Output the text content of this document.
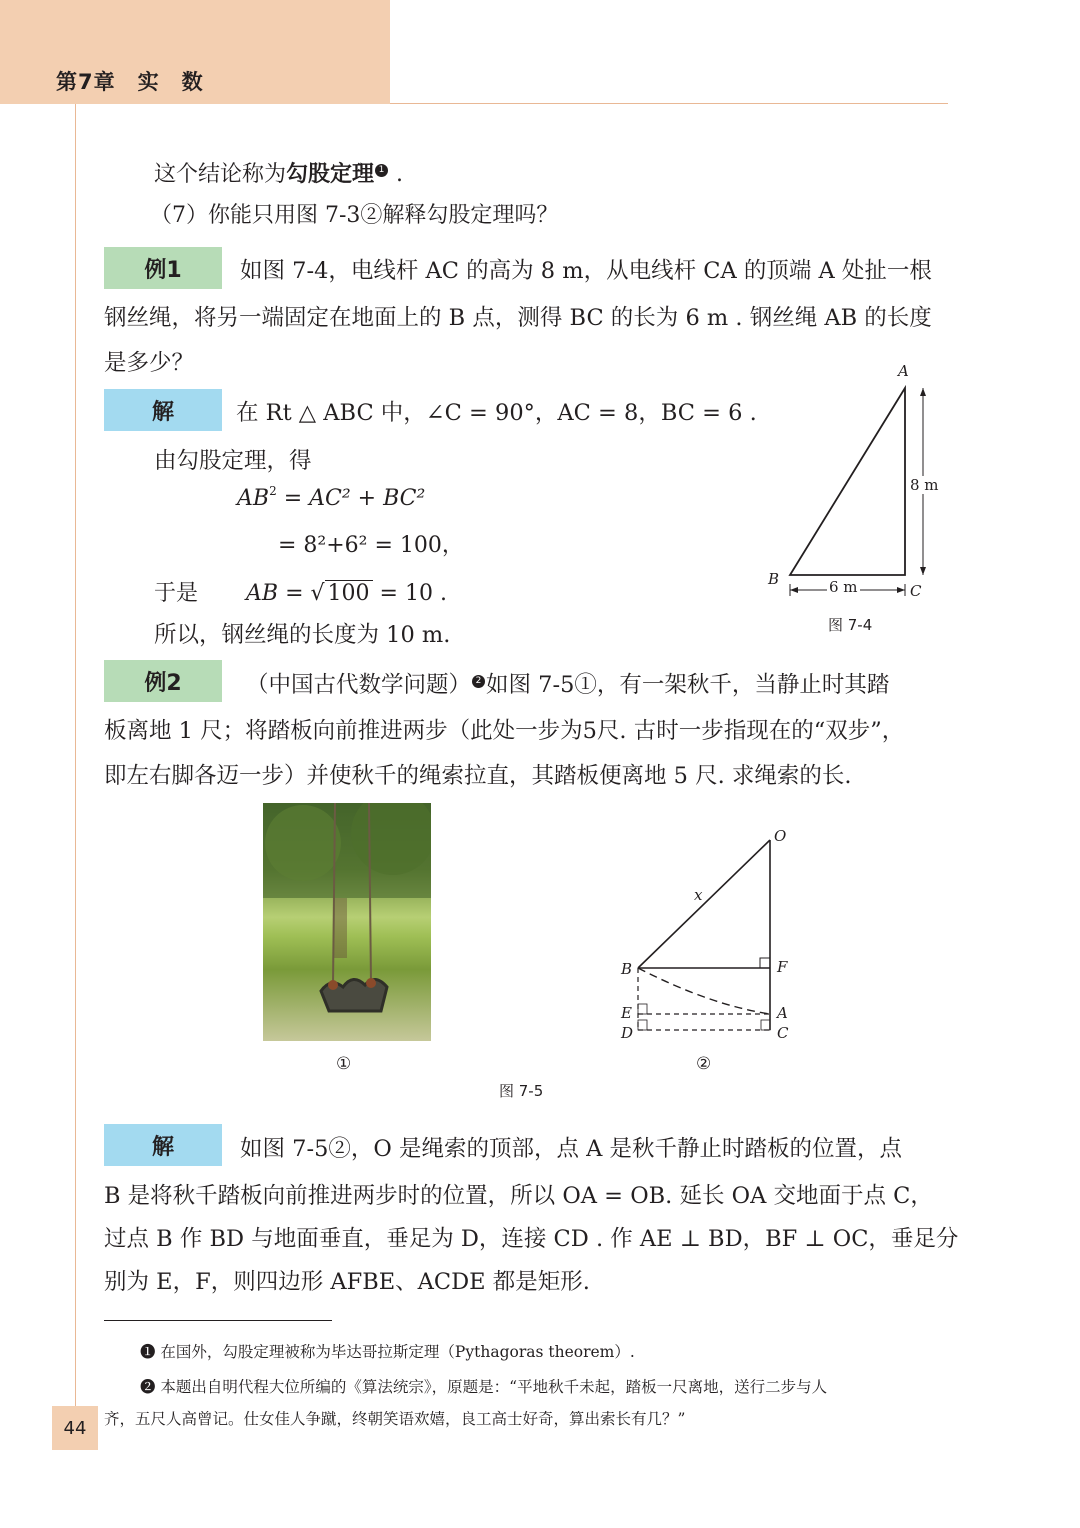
第7章　实　数
这个结论称为勾股定理 1 .
（7）你能只用图 7-3②解释勾股定理吗？
例1	如图 7-4，电线杆 AC 的高为 8 m，从电线杆 CA 的顶端 A 处扯一根
钢丝绳，将另一端固定在地面上的 B 点，测得 BC 的长为 6 m . 钢丝绳 AB 的长度
是多少？
解	在 Rt △ ABC 中，∠C = 90°，AC = 8，BC = 6 .
由勾股定理，得
$AB^2 = AC^2 + BC^2$
= 8²+6² = 100，
于是 AB = √ 100 = 10 .
所以，钢丝绳的长度为 10 m.
A
B
C
8 m
6 m
图 7-4
例2	（中国古代数学问题） 2 如图 7-5①，有一架秋千，当静止时其踏
板离地 1 尺；将踏板向前推进两步（此处一步为5尺. 古时一步指现在的“双步”，
即左右脚各迈一步）并使秋千的绳索拉直，其踏板便离地 5 尺. 求绳索的长.
①
O
x
B	F
E	A
D	C
②
图 7-5
解	如图 7-5②，O 是绳索的顶部，点 A 是秋千静止时踏板的位置，点
B 是将秋千踏板向前推进两步时的位置，所以 OA = OB. 延长 OA 交地面于点 C，
过点 B 作 BD 与地面垂直，垂足为 D，连接 CD . 作 AE ⊥ BD，BF ⊥ OC，垂足分
别为 E，F，则四边形 AFBE、ACDE 都是矩形.
❶ 在国外，勾股定理被称为毕达哥拉斯定理（Pythagoras theorem）.
❷ 本题出自明代程大位所编的《算法统宗》，原题是：“平地秋千未起，踏板一尺离地，送行二步与人
齐，五尺人高曾记。仕女佳人争蹴，终朝笑语欢嬉，良工高士好奇，算出索长有几？”
44
